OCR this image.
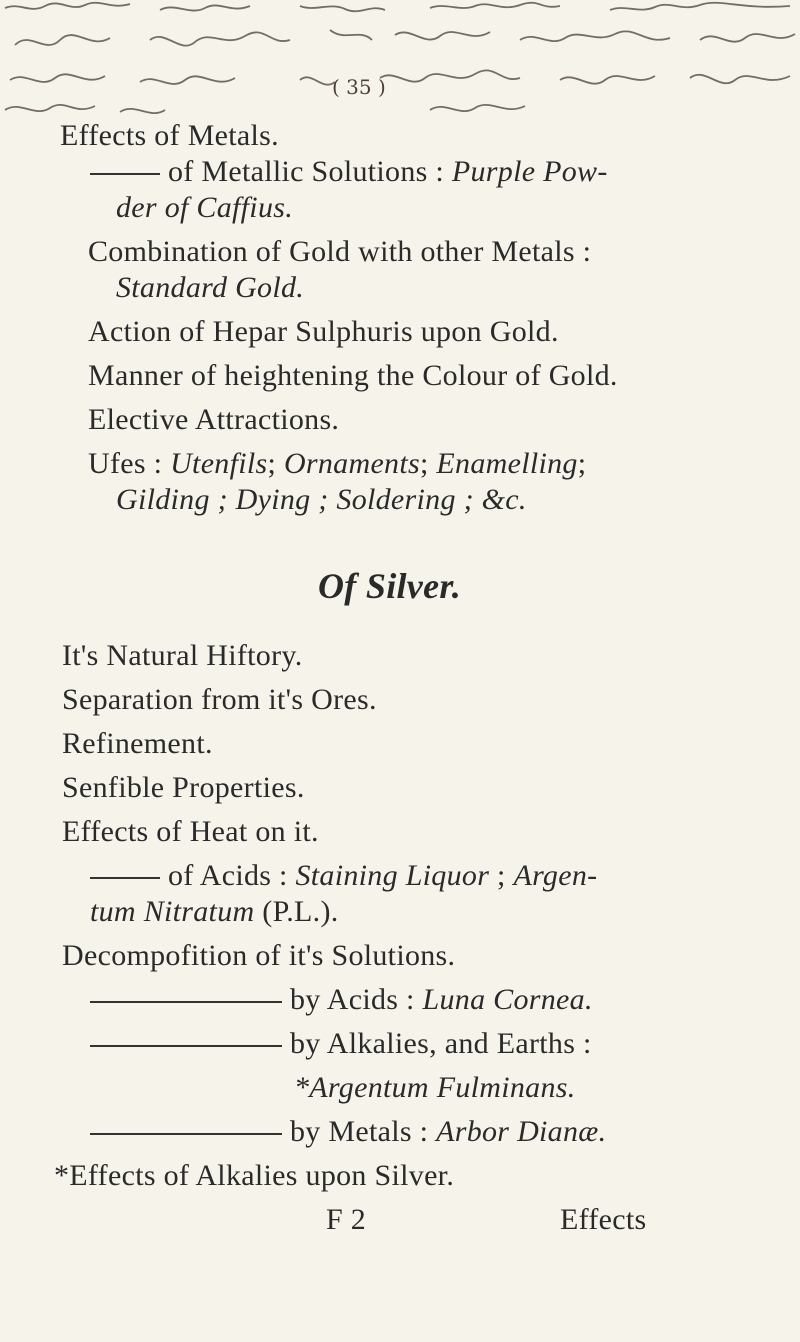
( 35 )
Effects of Metals.
of Metallic Solutions : Purple Pow-
der of Caffius.
Combination of Gold with other Metals :
Standard Gold.
Action of Hepar Sulphuris upon Gold.
Manner of heightening the Colour of Gold.
Elective Attractions.
Ufes : Utenfils; Ornaments; Enamelling;
Gilding ; Dying ; Soldering ; &c.
Of Silver.
It's Natural Hiftory.
Separation from it's Ores.
Refinement.
Senfible Properties.
Effects of Heat on it.
of Acids : Staining Liquor ; Argen-
tum Nitratum (P.L.).
Decompofition of it's Solutions.
by Acids : Luna Cornea.
by Alkalies, and Earths :
*Argentum Fulminans.
by Metals : Arbor Dianæ.
*Effects of Alkalies upon Silver.
F 2	Effects
